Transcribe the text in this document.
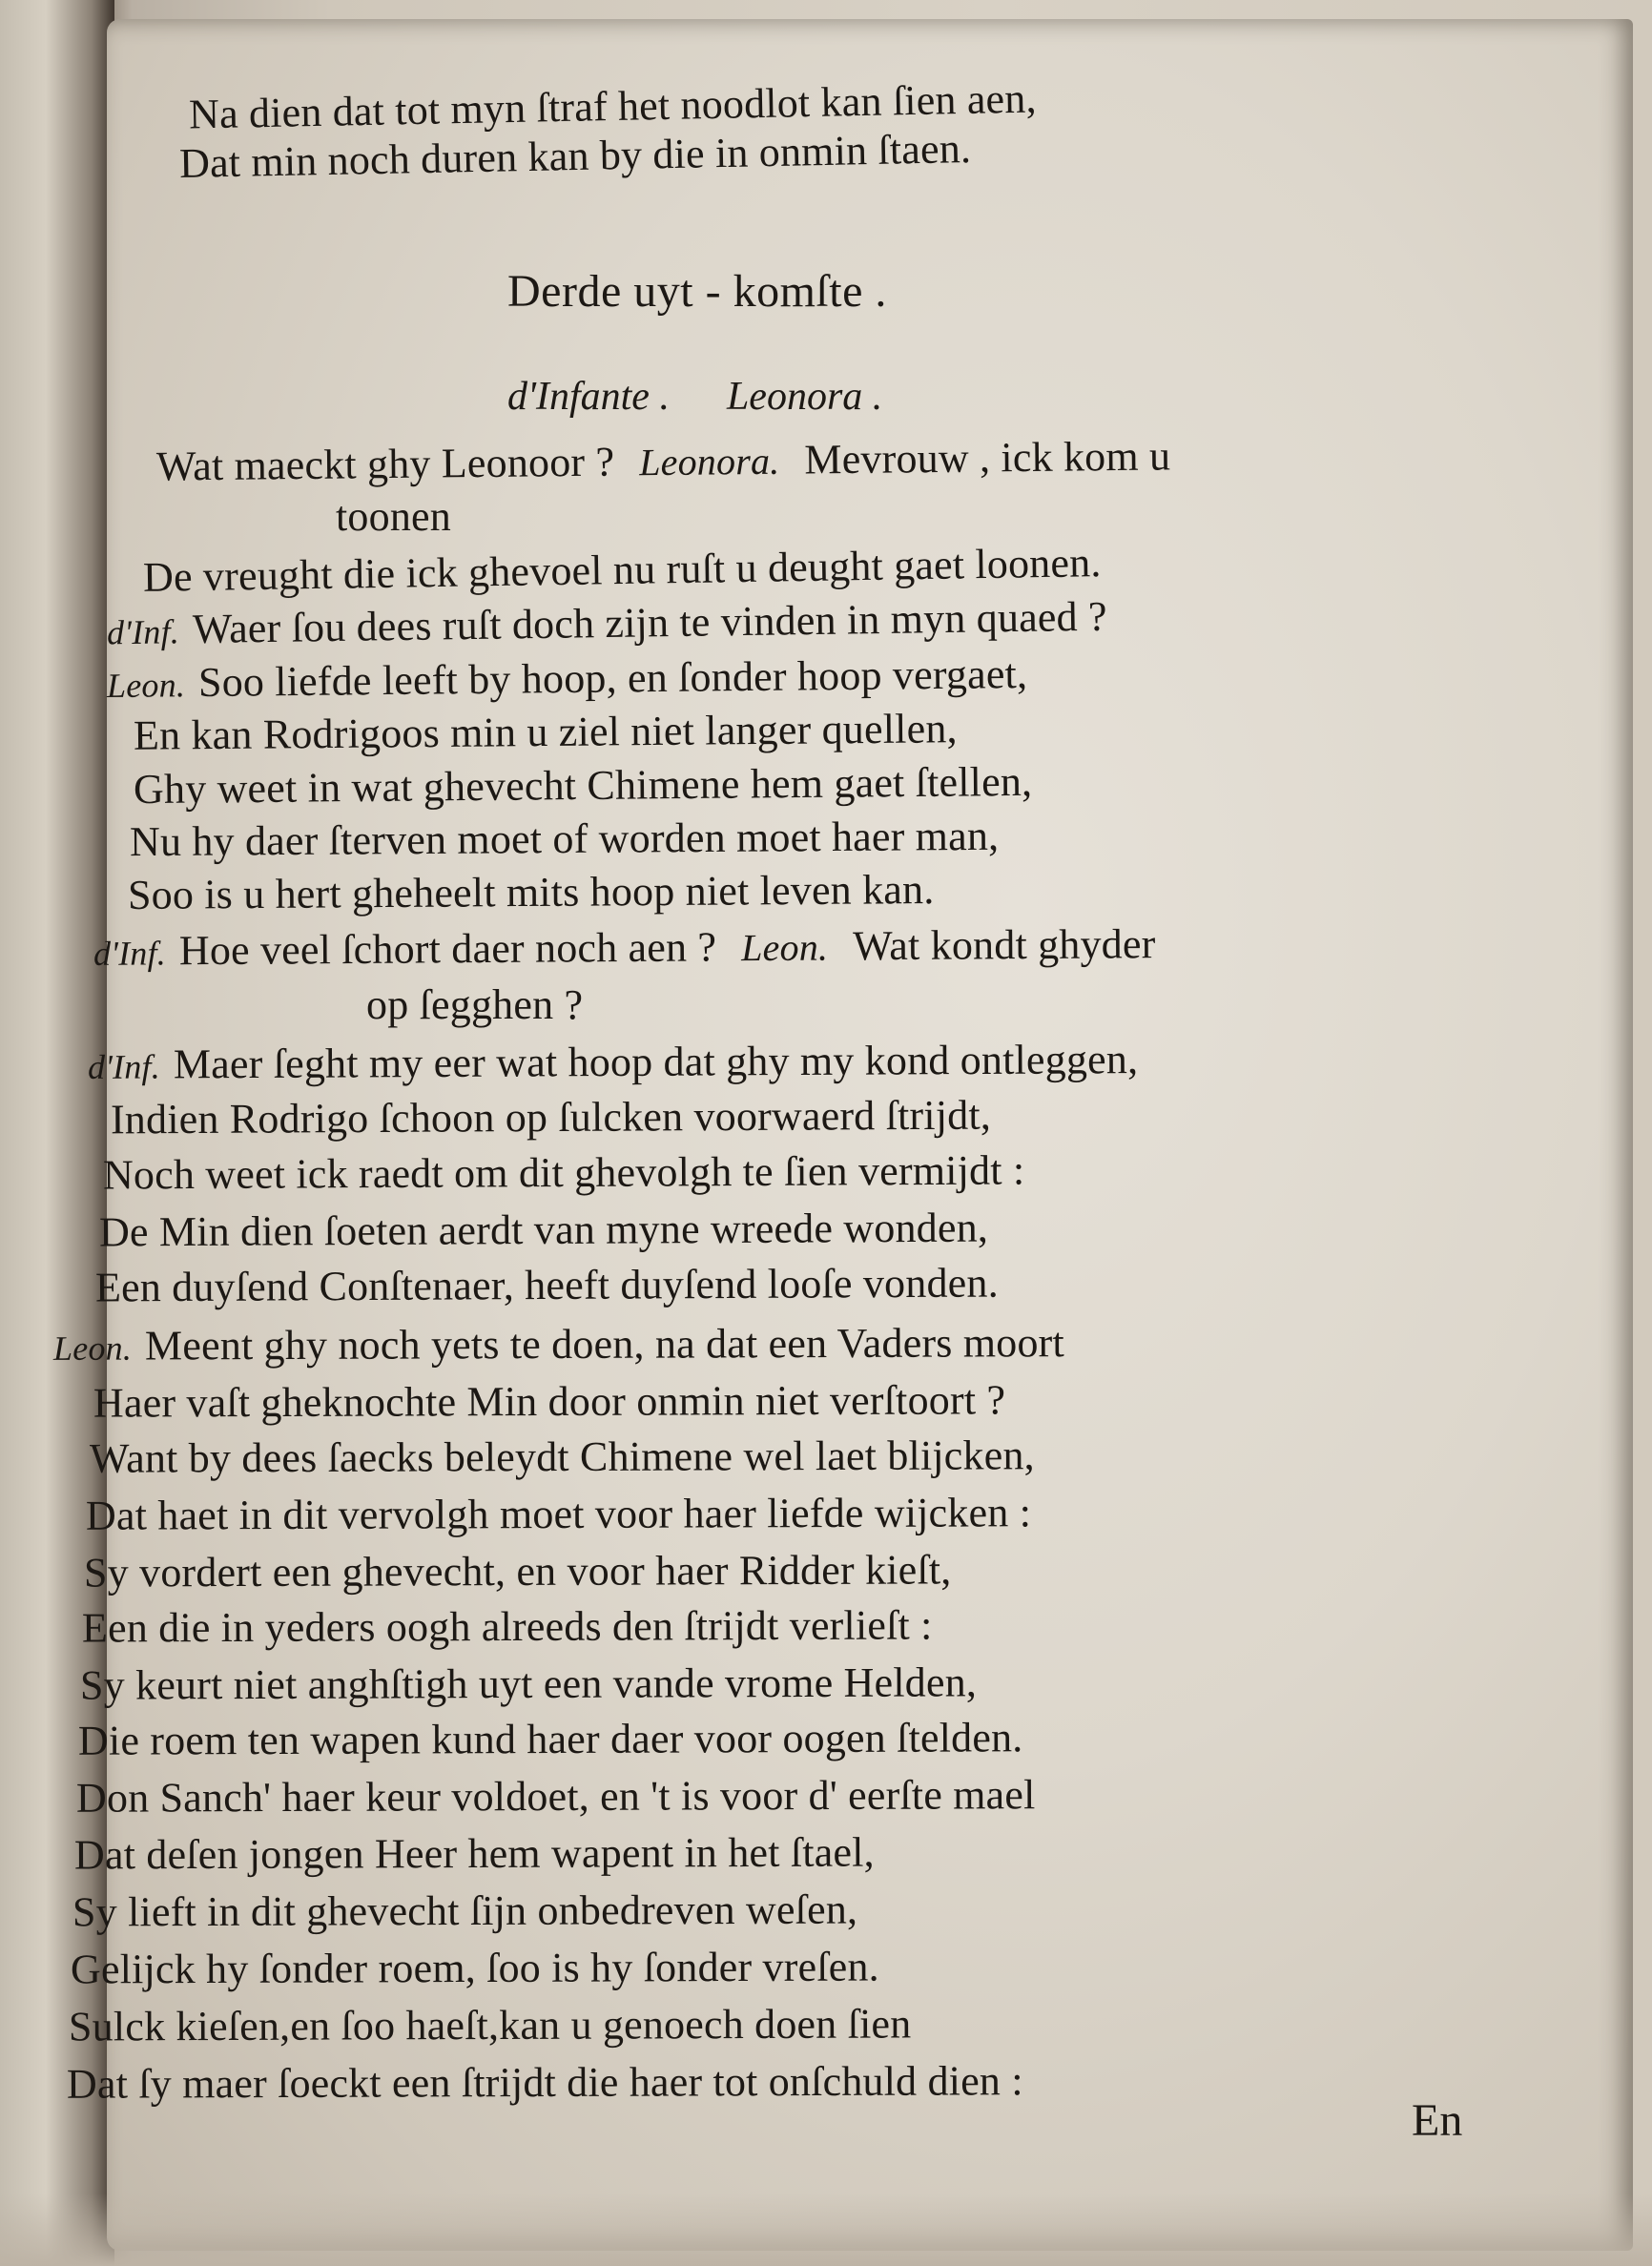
Na dien dat tot myn ſtraf het noodlot kan ſien aen,
Dat min noch duren kan by die in onmin ſtaen.
Derde uyt - komſte .
d'Infante . Leonora .
Wat maeckt ghy Leonoor ? Leonora. Mevrouw , ick kom u
toonen
De vreught die ick ghevoel nu ruſt u deught gaet loonen.
d'Inf. Waer ſou dees ruſt doch zijn te vinden in myn quaed ?
Leon. Soo liefde leeft by hoop, en ſonder hoop vergaet,
En kan Rodrigoos min u ziel niet langer quellen,
Ghy weet in wat ghevecht Chimene hem gaet ſtellen,
Nu hy daer ſterven moet of worden moet haer man,
Soo is u hert gheheelt mits hoop niet leven kan.
d'Inf. Hoe veel ſchort daer noch aen ? Leon. Wat kondt ghyder
op ſegghen ?
d'Inf. Maer ſeght my eer wat hoop dat ghy my kond ontleggen,
Indien Rodrigo ſchoon op ſulcken voorwaerd ſtrijdt,
Noch weet ick raedt om dit ghevolgh te ſien vermijdt :
De Min dien ſoeten aerdt van myne wreede wonden,
Een duyſend Conſtenaer, heeft duyſend looſe vonden.
Leon. Meent ghy noch yets te doen, na dat een Vaders moort
Haer vaſt gheknochte Min door onmin niet verſtoort ?
Want by dees ſaecks beleydt Chimene wel laet blijcken,
Dat haet in dit vervolgh moet voor haer liefde wijcken :
Sy vordert een ghevecht, en voor haer Ridder kieſt,
Een die in yeders oogh alreeds den ſtrijdt verlieſt :
Sy keurt niet anghſtigh uyt een vande vrome Helden,
Die roem ten wapen kund haer daer voor oogen ſtelden.
Don Sanch' haer keur voldoet, en 't is voor d' eerſte mael
Dat deſen jongen Heer hem wapent in het ſtael,
Sy lieft in dit ghevecht ſijn onbedreven weſen,
Gelijck hy ſonder roem, ſoo is hy ſonder vreſen.
Sulck kieſen,en ſoo haeſt,kan u genoech doen ſien
Dat ſy maer ſoeckt een ſtrijdt die haer tot onſchuld dien :
En
